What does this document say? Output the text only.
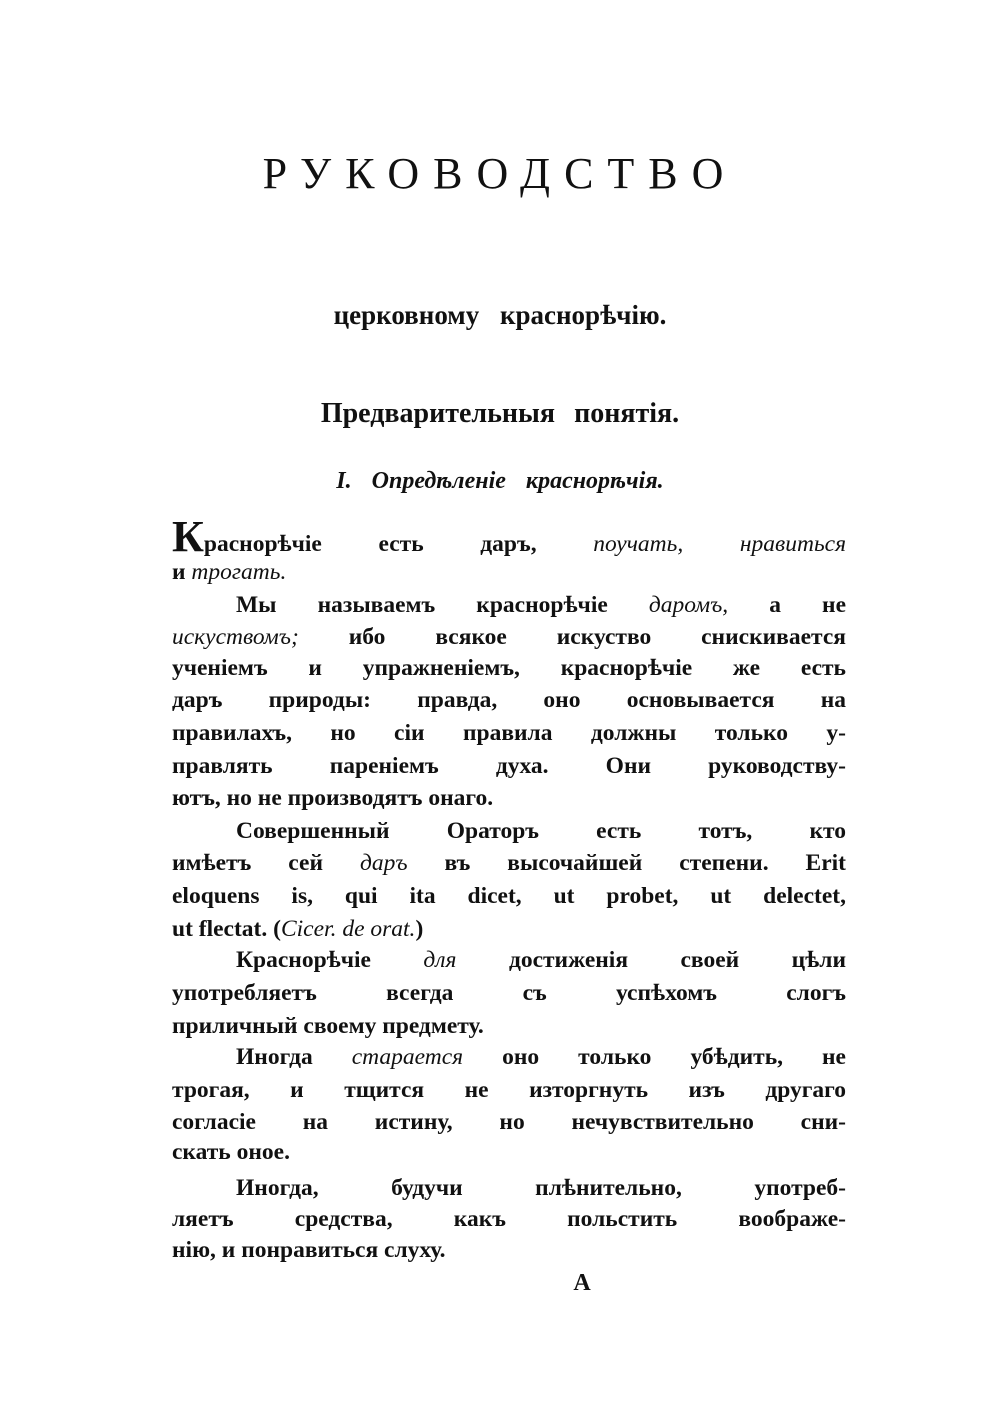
РУКОВОДСТВО
церковному краснорѣчію.
Предварительныя понятія.
I. Опредѣленіе краснорѣчія.
Краснорѣчіе есть даръ, поучать, нравиться
и трогать.
Мы называемъ краснорѣчіе даромъ, а не
искуствомъ; ибо всякое искуство снискивается
ученіемъ и упражненіемъ, краснорѣчіе же есть
даръ природы: правда, оно основывается на
правилахъ, но сіи правила должны только у-
правлять пареніемъ духа. Они руководству-
ютъ, но не производятъ онаго.
Совершенный Ораторъ есть тотъ, кто
имѣетъ сей даръ въ высочайшей степени. Erit
eloquens is, qui ita dicet, ut probet, ut delectet,
ut flectat. (Cicer. de orat.)
Краснорѣчіе для достиженія своей цѣли
употребляетъ всегда съ успѣхомъ слогъ
приличный своему предмету.
Иногда старается оно только убѣдить, не
трогая, и тщится не изторгнуть изъ другаго
согласіе на истину, но нечувствительно сни-
скать оное.
Иногда, будучи плѣнительно, употреб-
ляетъ средства, какъ польстить воображе-
нію, и понравиться слуху.
А
